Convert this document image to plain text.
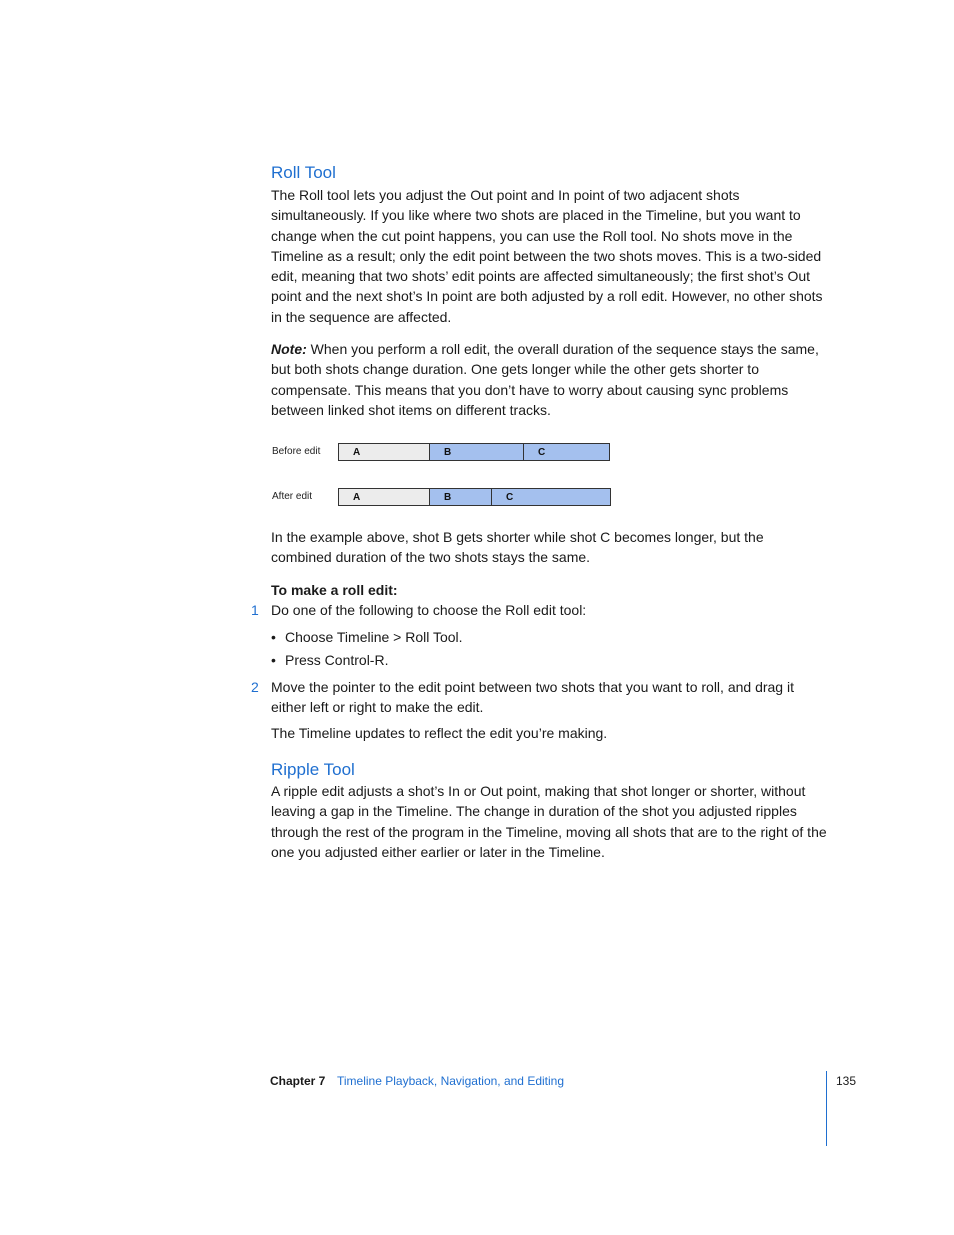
Roll Tool
The Roll tool lets you adjust the Out point and In point of two adjacent shots simultaneously. If you like where two shots are placed in the Timeline, but you want to change when the cut point happens, you can use the Roll tool. No shots move in the Timeline as a result; only the edit point between the two shots moves. This is a two-sided edit, meaning that two shots’ edit points are affected simultaneously; the first shot’s Out point and the next shot’s In point are both adjusted by a roll edit. However, no other shots in the sequence are affected.
Note: When you perform a roll edit, the overall duration of the sequence stays the same, but both shots change duration. One gets longer while the other gets shorter to compensate. This means that you don’t have to worry about causing sync problems between linked shot items on different tracks.
Before edit	A	B	C
After edit	A	B	C
In the example above, shot B gets shorter while shot C becomes longer, but the combined duration of the two shots stays the same.
To make a roll edit:
1 Do one of the following to choose the Roll edit tool:
• Choose Timeline > Roll Tool.
• Press Control-R.
2 Move the pointer to the edit point between two shots that you want to roll, and drag it either left or right to make the edit.
The Timeline updates to reflect the edit you’re making.
Ripple Tool
A ripple edit adjusts a shot’s In or Out point, making that shot longer or shorter, without leaving a gap in the Timeline. The change in duration of the shot you adjusted ripples through the rest of the program in the Timeline, moving all shots that are to the right of the one you adjusted either earlier or later in the Timeline.
Chapter 7 Timeline Playback, Navigation, and Editing	135
